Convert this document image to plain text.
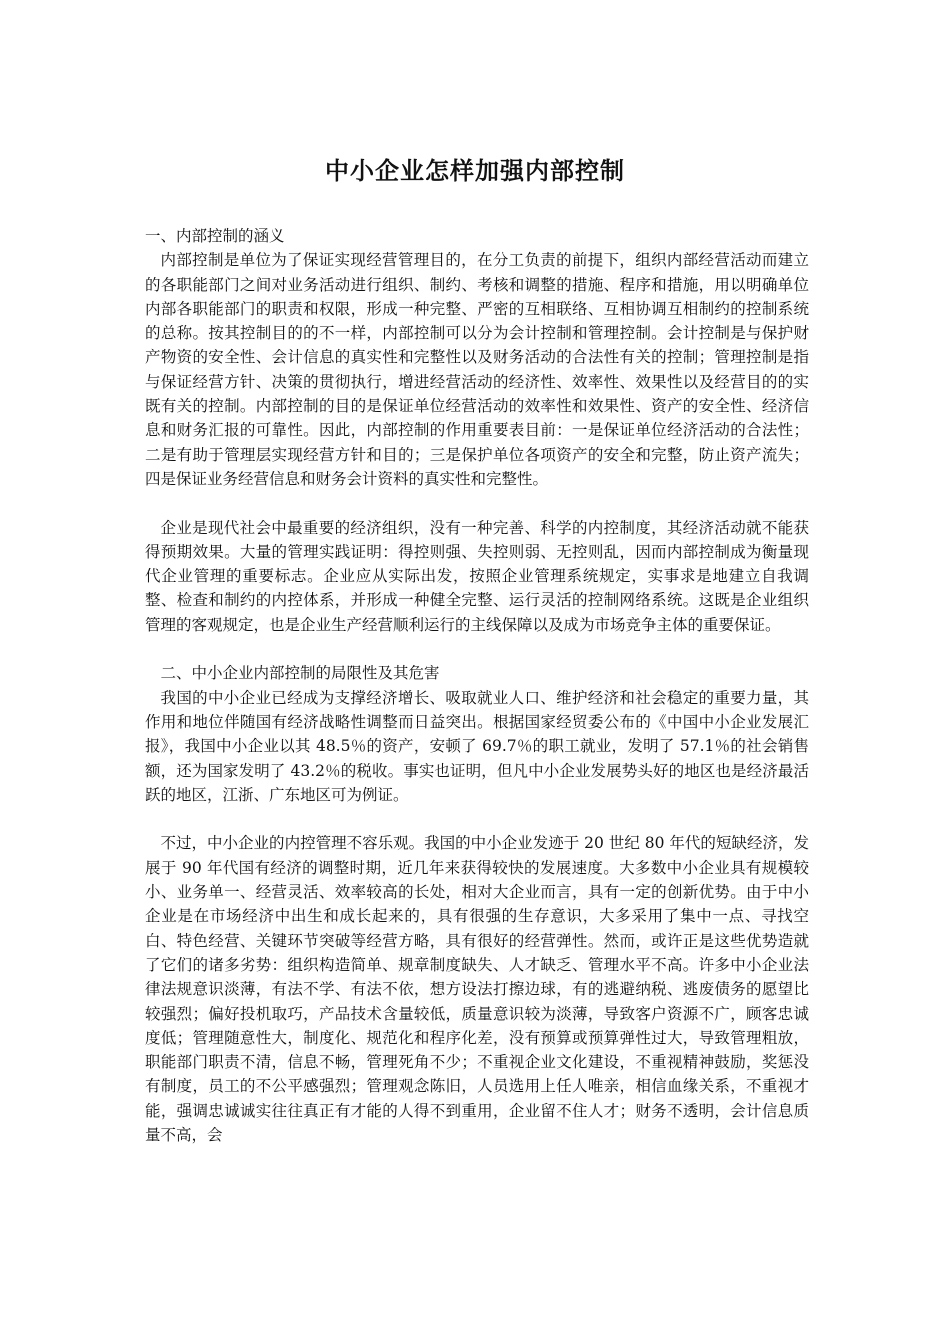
中小企业怎样加强内部控制

一、内部控制的涵义

内部控制是单位为了保证实现经营管理目的，在分工负责的前提下，组织内部经营活动而建立的各职能部门之间对业务活动进行组织、制约、考核和调整的措施、程序和措施，用以明确单位内部各职能部门的职责和权限，形成一种完整、严密的互相联络、互相协调互相制约的控制系统的总称。按其控制目的的不一样，内部控制可以分为会计控制和管理控制。会计控制是与保护财产物资的安全性、会计信息的真实性和完整性以及财务活动的合法性有关的控制；管理控制是指与保证经营方针、决策的贯彻执行，增进经营活动的经济性、效率性、效果性以及经营目的的实既有关的控制。内部控制的目的是保证单位经营活动的效率性和效果性、资产的安全性、经济信息和财务汇报的可靠性。因此，内部控制的作用重要表目前：一是保证单位经济活动的合法性；二是有助于管理层实现经营方针和目的；三是保护单位各项资产的安全和完整，防止资产流失；四是保证业务经营信息和财务会计资料的真实性和完整性。

企业是现代社会中最重要的经济组织，没有一种完善、科学的内控制度，其经济活动就不能获得预期效果。大量的管理实践证明：得控则强、失控则弱、无控则乱，因而内部控制成为衡量现代企业管理的重要标志。企业应从实际出发，按照企业管理系统规定，实事求是地建立自我调整、检查和制约的内控体系，并形成一种健全完整、运行灵活的控制网络系统。这既是企业组织管理的客观规定，也是企业生产经营顺利运行的主线保障以及成为市场竞争主体的重要保证。

二、中小企业内部控制的局限性及其危害

我国的中小企业已经成为支撑经济增长、吸取就业人口、维护经济和社会稳定的重要力量，其作用和地位伴随国有经济战略性调整而日益突出。根据国家经贸委公布的《中国中小企业发展汇报》，我国中小企业以其 48.5％的资产，安顿了 69.7％的职工就业，发明了 57.1％的社会销售额，还为国家发明了 43.2％的税收。事实也证明，但凡中小企业发展势头好的地区也是经济最活跃的地区，江浙、广东地区可为例证。

不过，中小企业的内控管理不容乐观。我国的中小企业发迹于 20 世纪 80 年代的短缺经济，发展于 90 年代国有经济的调整时期，近几年来获得较快的发展速度。大多数中小企业具有规模较小、业务单一、经营灵活、效率较高的长处，相对大企业而言，具有一定的创新优势。由于中小企业是在市场经济中出生和成长起来的，具有很强的生存意识，大多采用了集中一点、寻找空白、特色经营、关键环节突破等经营方略，具有很好的经营弹性。然而，或许正是这些优势造就了它们的诸多劣势：组织构造简单、规章制度缺失、人才缺乏、管理水平不高。许多中小企业法律法规意识淡薄，有法不学、有法不依，想方设法打擦边球，有的逃避纳税、逃废债务的愿望比较强烈；偏好投机取巧，产品技术含量较低，质量意识较为淡薄，导致客户资源不广，顾客忠诚度低；管理随意性大，制度化、规范化和程序化差，没有预算或预算弹性过大，导致管理粗放，职能部门职责不清，信息不畅，管理死角不少；不重视企业文化建设，不重视精神鼓励，奖惩没有制度，员工的不公平感强烈；管理观念陈旧，人员选用上任人唯亲，相信血缘关系，不重视才能，强调忠诚诚实往往真正有才能的人得不到重用，企业留不住人才；财务不透明，会计信息质量不高，会
